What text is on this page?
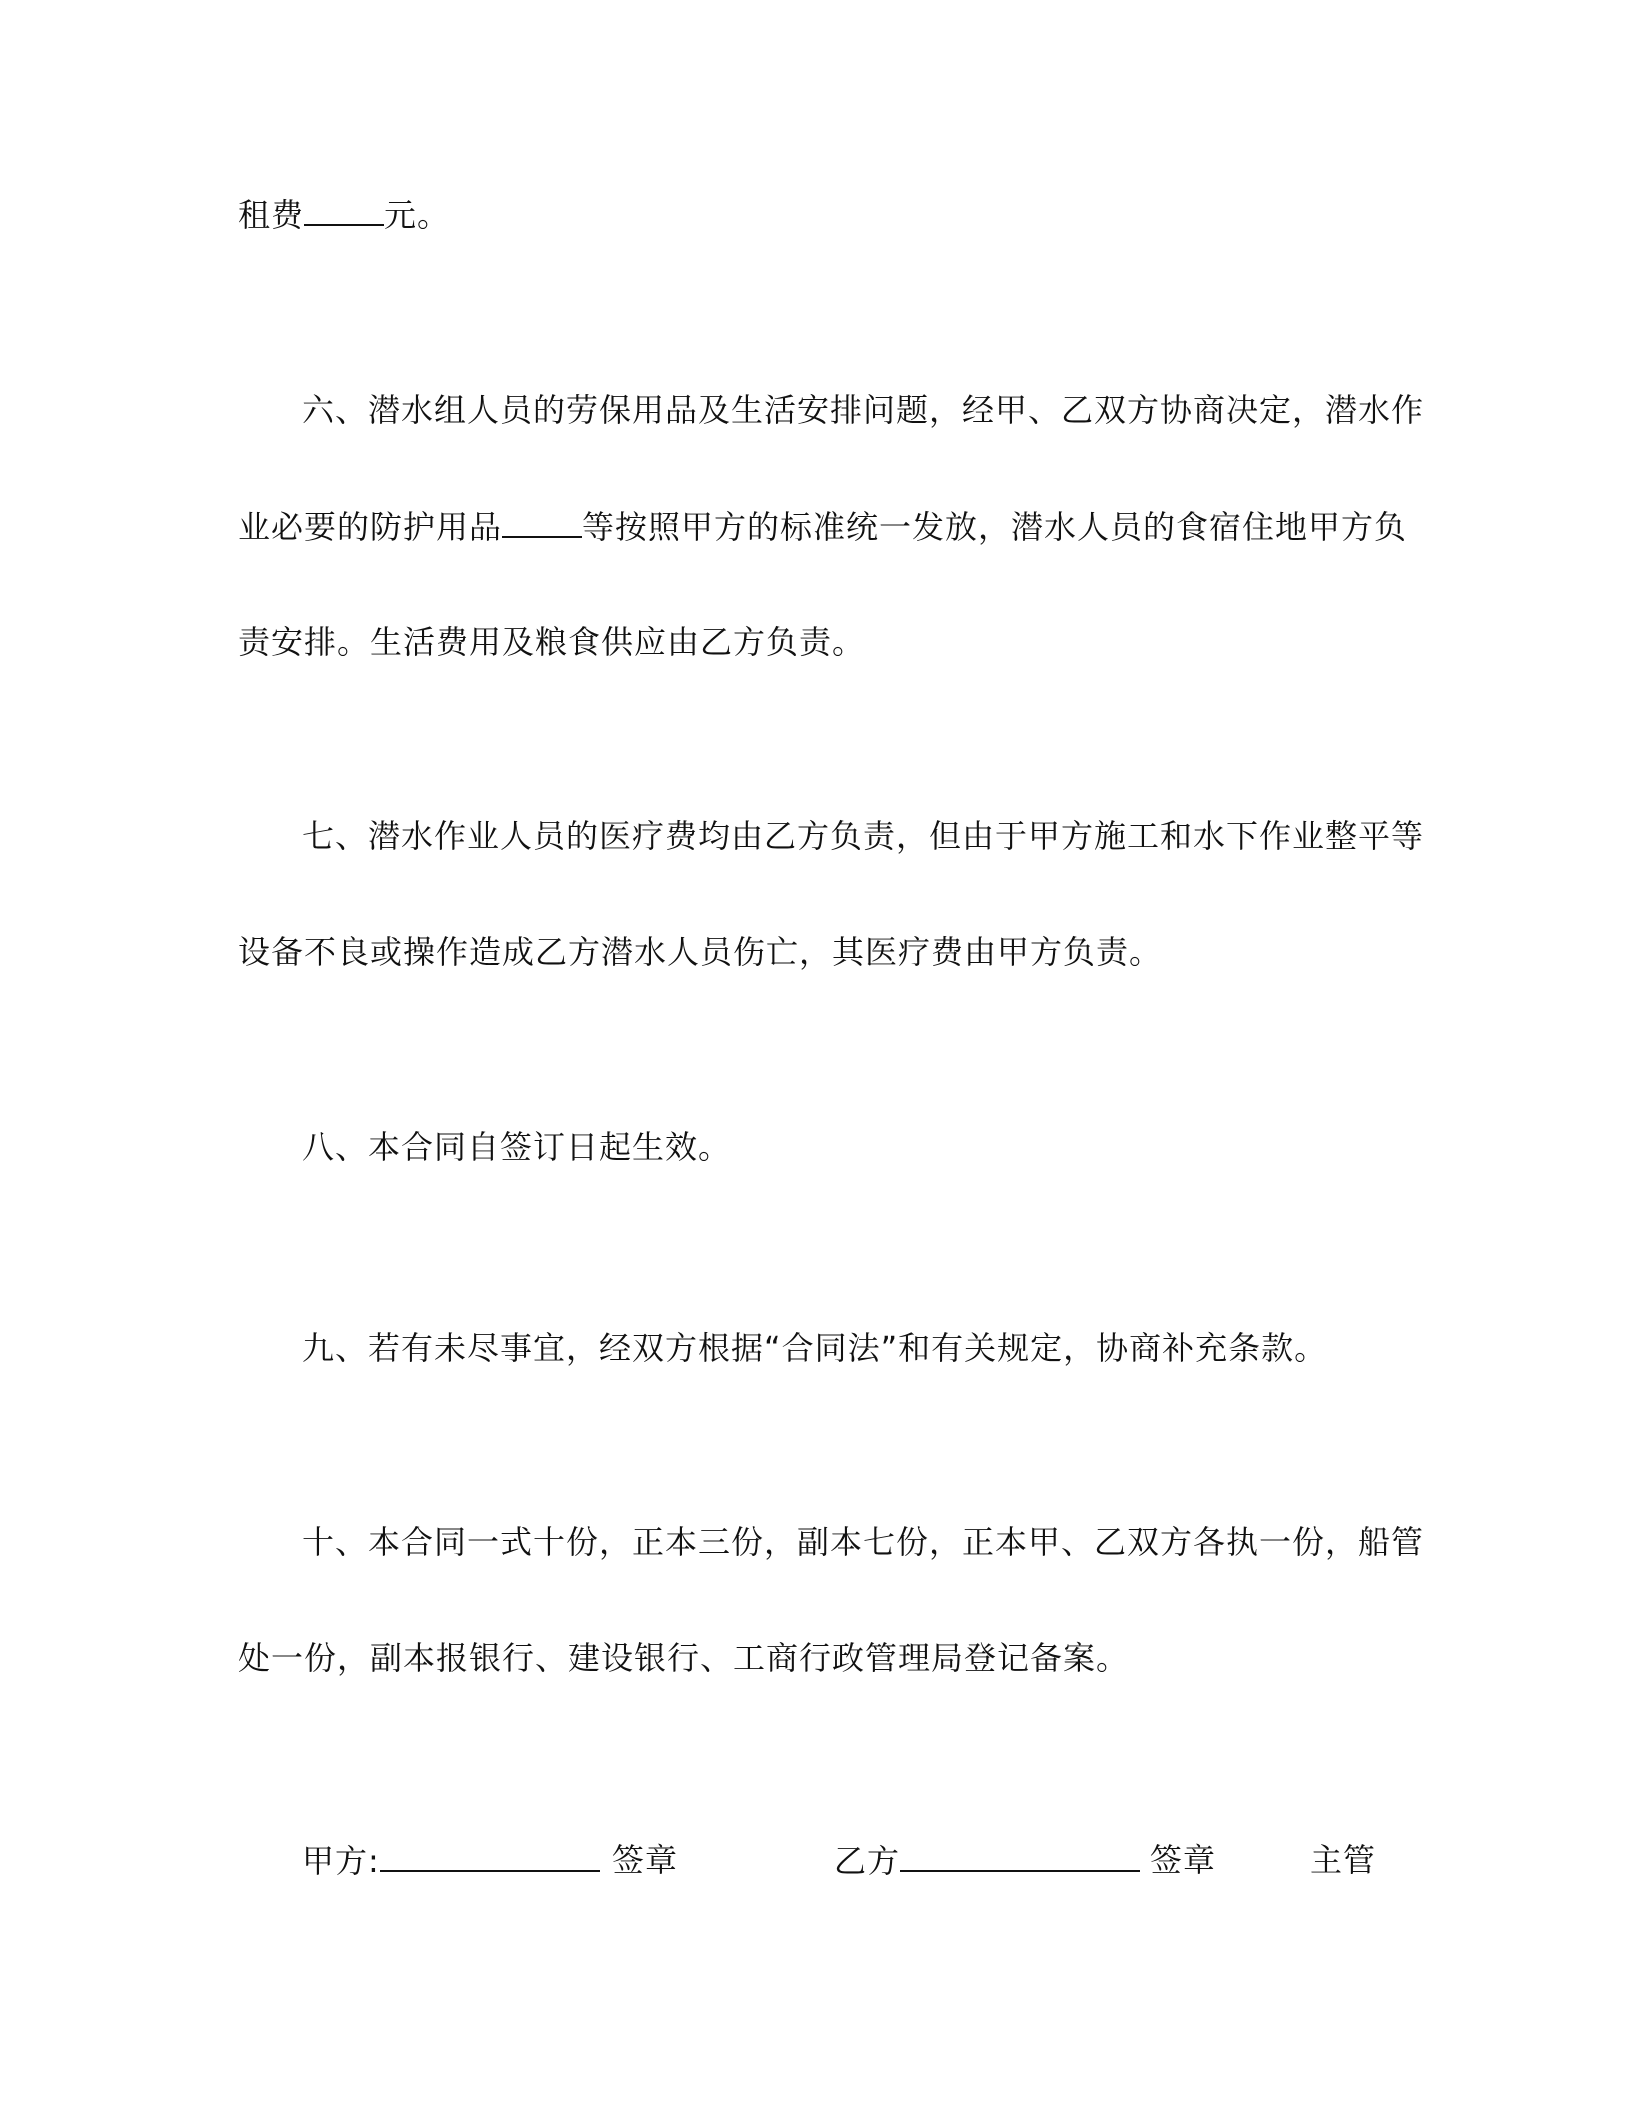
租费	元。
六、潜水组人员的劳保用品及生活安排问题，经甲、乙双方协商决定，潜水作
业必要的防护用品	等按照甲方的标准统一发放，潜水人员的食宿住地甲方负
责安排。生活费用及粮食供应由乙方负责。
七、潜水作业人员的医疗费均由乙方负责，但由于甲方施工和水下作业整平等
设备不良或操作造成乙方潜水人员伤亡，其医疗费由甲方负责。
八、本合同自签订日起生效。
九、若有未尽事宜，经双方根据“合同法”和有关规定，协商补充条款。
十、本合同一式十份，正本三份，副本七份，正本甲、乙双方各执一份，船管
处一份，副本报银行、建设银行、工商行政管理局登记备案。
甲方:	签章	乙方	签章	主管
